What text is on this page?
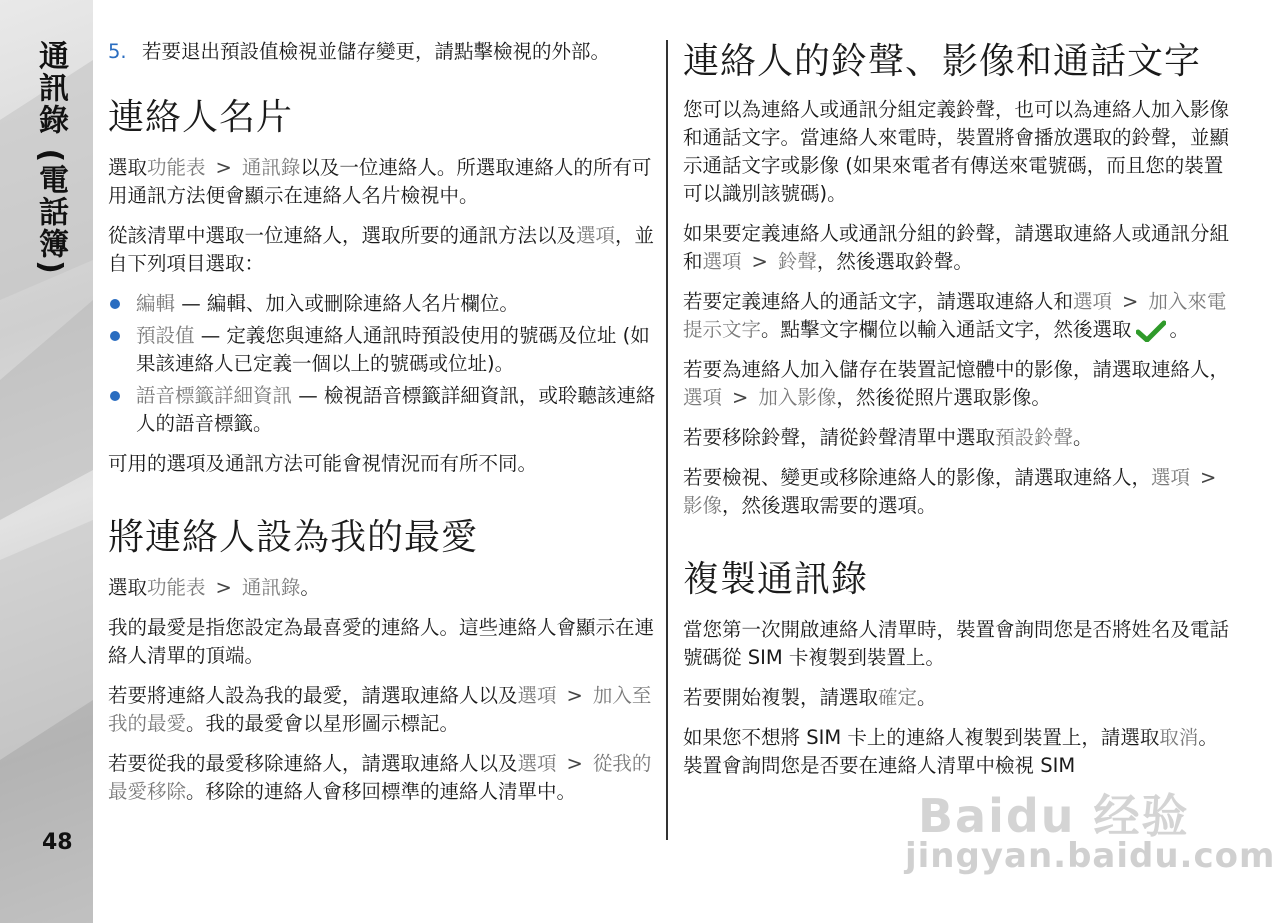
通訊錄 (電話簿)
48
5. 若要退出預設值檢視並儲存變更，請點擊檢視的外部。
連絡人名片

選取功能表 > 通訊錄以及一位連絡人。所選取連絡人的所有可用通訊方法便會顯示在連絡人名片檢視中。

從該清單中選取一位連絡人，選取所要的通訊方法以及選項，並自下列項目選取：

編輯 — 編輯、加入或刪除連絡人名片欄位。
預設值 — 定義您與連絡人通訊時預設使用的號碼及位址 (如果該連絡人已定義一個以上的號碼或位址)。
語音標籤詳細資訊 — 檢視語音標籤詳細資訊，或聆聽該連絡人的語音標籤。

可用的選項及通訊方法可能會視情況而有所不同。

將連絡人設為我的最愛

選取功能表 > 通訊錄。

我的最愛是指您設定為最喜愛的連絡人。這些連絡人會顯示在連絡人清單的頂端。

若要將連絡人設為我的最愛，請選取連絡人以及選項 > 加入至我的最愛。我的最愛會以星形圖示標記。

若要從我的最愛移除連絡人，請選取連絡人以及選項 > 從我的最愛移除。移除的連絡人會移回標準的連絡人清單中。

連絡人的鈴聲、影像和通話文字

您可以為連絡人或通訊分組定義鈴聲，也可以為連絡人加入影像和通話文字。當連絡人來電時，裝置將會播放選取的鈴聲，並顯示通話文字或影像 (如果來電者有傳送來電號碼，而且您的裝置可以識別該號碼)。

如果要定義連絡人或通訊分組的鈴聲，請選取連絡人或通訊分組和選項 > 鈴聲，然後選取鈴聲。

若要定義連絡人的通話文字，請選取連絡人和選項 > 加入來電提示文字。點擊文字欄位以輸入通話文字，然後選取 。

若要為連絡人加入儲存在裝置記憶體中的影像，請選取連絡人，選項 > 加入影像，然後從照片選取影像。

若要移除鈴聲，請從鈴聲清單中選取預設鈴聲。

若要檢視、變更或移除連絡人的影像，請選取連絡人，選項 >影像，然後選取需要的選項。

複製通訊錄

當您第一次開啟連絡人清單時，裝置會詢問您是否將姓名及電話號碼從 SIM 卡複製到裝置上。

若要開始複製，請選取確定。

如果您不想將 SIM 卡上的連絡人複製到裝置上，請選取取消。裝置會詢問您是否要在連絡人清單中檢視 SIM

Baidu 经验
jingyan.baidu.com
